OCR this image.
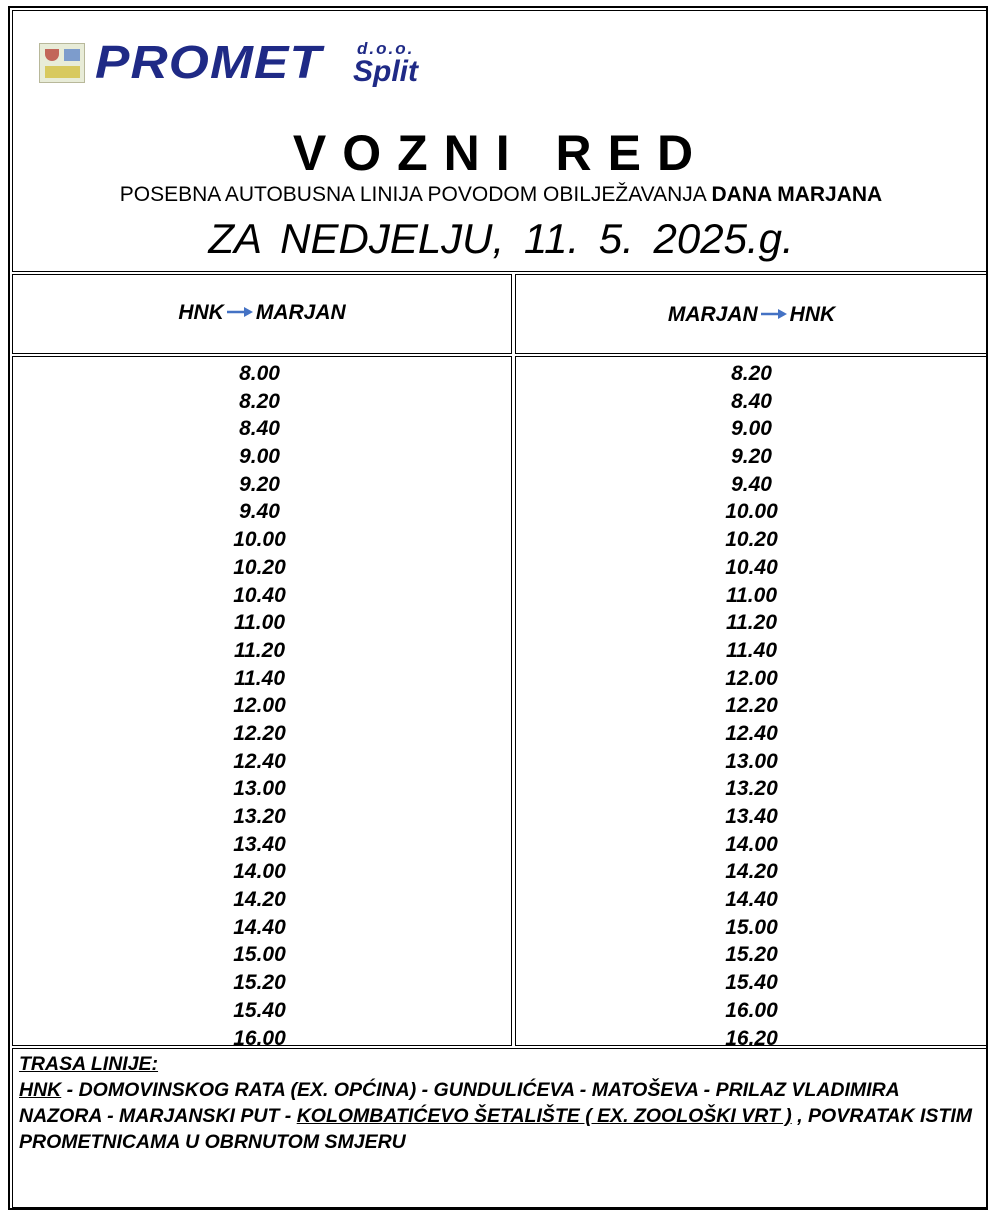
PROMET d.o.o.
Split
VOZNI RED
POSEBNA AUTOBUSNA LINIJA POVODOM OBILJEŽAVANJA DANA MARJANA
ZA NEDJELJU, 11. 5. 2025.g.
HNK MARJAN	MARJAN HNK
8.00
8.20
8.40
9.00
9.20
9.40
10.00
10.20
10.40
11.00
11.20
11.40
12.00
12.20
12.40
13.00
13.20
13.40
14.00
14.20
14.40
15.00
15.20
15.40
16.00
8.20
8.40
9.00
9.20
9.40
10.00
10.20
10.40
11.00
11.20
11.40
12.00
12.20
12.40
13.00
13.20
13.40
14.00
14.20
14.40
15.00
15.20
15.40
16.00
16.20
TRASA LINIJE:
HNK - DOMOVINSKOG RATA (EX. OPĆINA) - GUNDULIĆEVA - MATOŠEVA - PRILAZ VLADIMIRA NAZORA - MARJANSKI PUT - KOLOMBATIĆEVO ŠETALIŠTE ( EX. ZOOLOŠKI VRT ) , POVRATAK ISTIM PROMETNICAMA U OBRNUTOM SMJERU
